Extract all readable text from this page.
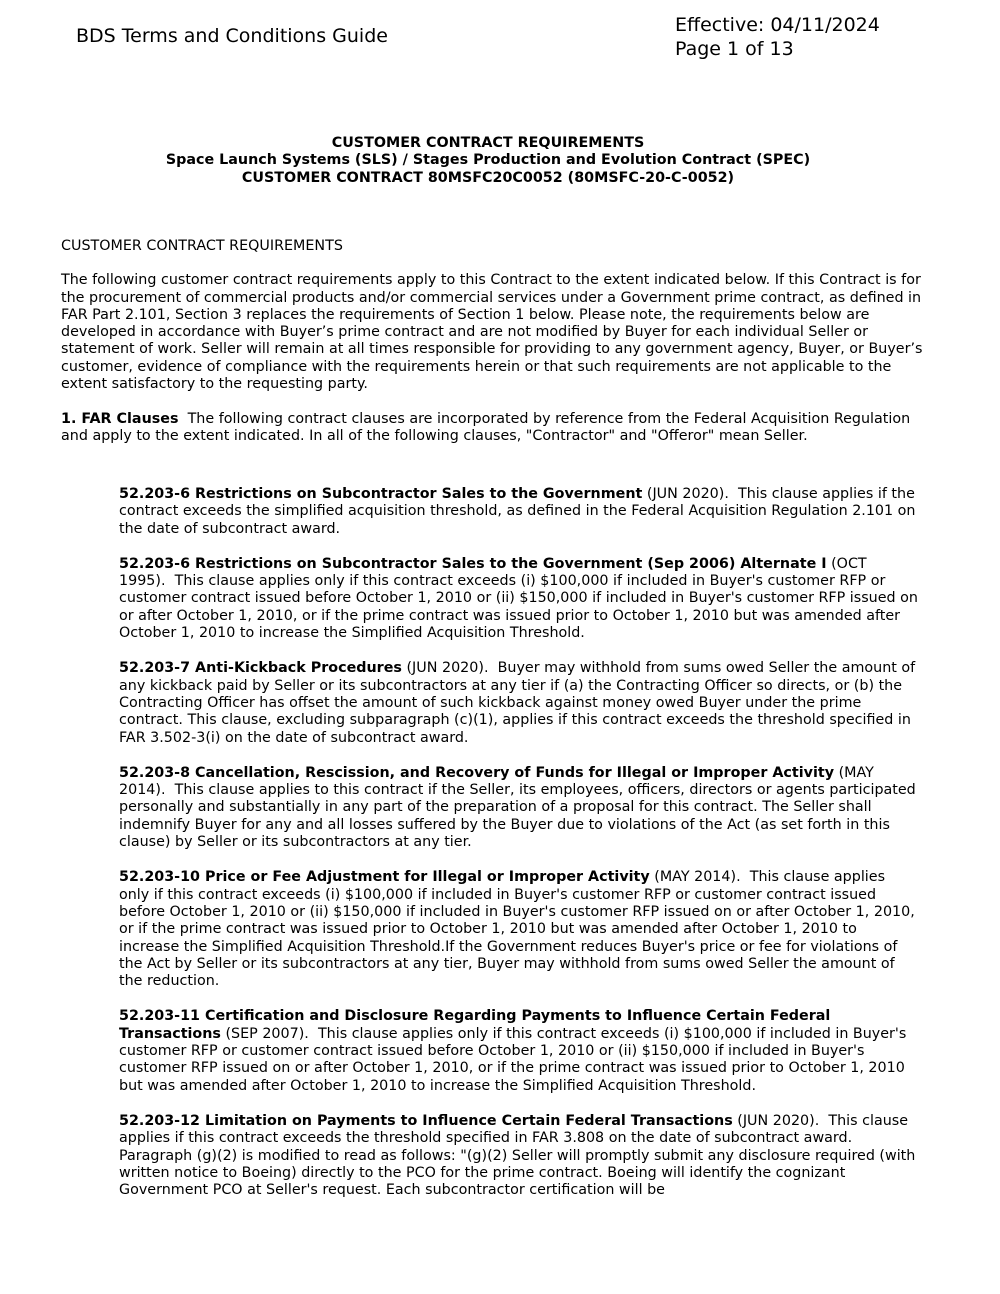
BDS Terms and Conditions Guide	Effective: 04/11/2024
Page 1 of 13
CUSTOMER CONTRACT REQUIREMENTS
Space Launch Systems (SLS) / Stages Production and Evolution Contract (SPEC)
CUSTOMER CONTRACT 80MSFC20C0052 (80MSFC-20-C-0052)

CUSTOMER CONTRACT REQUIREMENTS

The following customer contract requirements apply to this Contract to the extent indicated below. If this Contract is for the procurement of commercial products and/or commercial services under a Government prime contract, as defined in FAR Part 2.101, Section 3 replaces the requirements of Section 1 below. Please note, the requirements below are developed in accordance with Buyer’s prime contract and are not modified by Buyer for each individual Seller or statement of work. Seller will remain at all times responsible for providing to any government agency, Buyer, or Buyer’s customer, evidence of compliance with the requirements herein or that such requirements are not applicable to the extent satisfactory to the requesting party.

1. FAR Clauses The following contract clauses are incorporated by reference from the Federal Acquisition Regulation and apply to the extent indicated. In all of the following clauses, "Contractor" and "Offeror" mean Seller.

52.203-6 Restrictions on Subcontractor Sales to the Government (JUN 2020). This clause applies if the contract exceeds the simplified acquisition threshold, as defined in the Federal Acquisition Regulation 2.101 on the date of subcontract award.

52.203-6 Restrictions on Subcontractor Sales to the Government (Sep 2006) Alternate I (OCT 1995). This clause applies only if this contract exceeds (i) $100,000 if included in Buyer's customer RFP or customer contract issued before October 1, 2010 or (ii) $150,000 if included in Buyer's customer RFP issued on or after October 1, 2010, or if the prime contract was issued prior to October 1, 2010 but was amended after October 1, 2010 to increase the Simplified Acquisition Threshold.

52.203-7 Anti-Kickback Procedures (JUN 2020). Buyer may withhold from sums owed Seller the amount of any kickback paid by Seller or its subcontractors at any tier if (a) the Contracting Officer so directs, or (b) the Contracting Officer has offset the amount of such kickback against money owed Buyer under the prime contract. This clause, excluding subparagraph (c)(1), applies if this contract exceeds the threshold specified in FAR 3.502-3(i) on the date of subcontract award.

52.203-8 Cancellation, Rescission, and Recovery of Funds for Illegal or Improper Activity (MAY 2014). This clause applies to this contract if the Seller, its employees, officers, directors or agents participated personally and substantially in any part of the preparation of a proposal for this contract. The Seller shall indemnify Buyer for any and all losses suffered by the Buyer due to violations of the Act (as set forth in this clause) by Seller or its subcontractors at any tier.

52.203-10 Price or Fee Adjustment for Illegal or Improper Activity (MAY 2014). This clause applies only if this contract exceeds (i) $100,000 if included in Buyer's customer RFP or customer contract issued before October 1, 2010 or (ii) $150,000 if included in Buyer's customer RFP issued on or after October 1, 2010, or if the prime contract was issued prior to October 1, 2010 but was amended after October 1, 2010 to increase the Simplified Acquisition Threshold.If the Government reduces Buyer's price or fee for violations of the Act by Seller or its subcontractors at any tier, Buyer may withhold from sums owed Seller the amount of the reduction.

52.203-11 Certification and Disclosure Regarding Payments to Influence Certain Federal Transactions (SEP 2007). This clause applies only if this contract exceeds (i) $100,000 if included in Buyer's customer RFP or customer contract issued before October 1, 2010 or (ii) $150,000 if included in Buyer's customer RFP issued on or after October 1, 2010, or if the prime contract was issued prior to October 1, 2010 but was amended after October 1, 2010 to increase the Simplified Acquisition Threshold.

52.203-12 Limitation on Payments to Influence Certain Federal Transactions (JUN 2020). This clause applies if this contract exceeds the threshold specified in FAR 3.808 on the date of subcontract award. Paragraph (g)(2) is modified to read as follows: "(g)(2) Seller will promptly submit any disclosure required (with written notice to Boeing) directly to the PCO for the prime contract. Boeing will identify the cognizant Government PCO at Seller's request. Each subcontractor certification will be
